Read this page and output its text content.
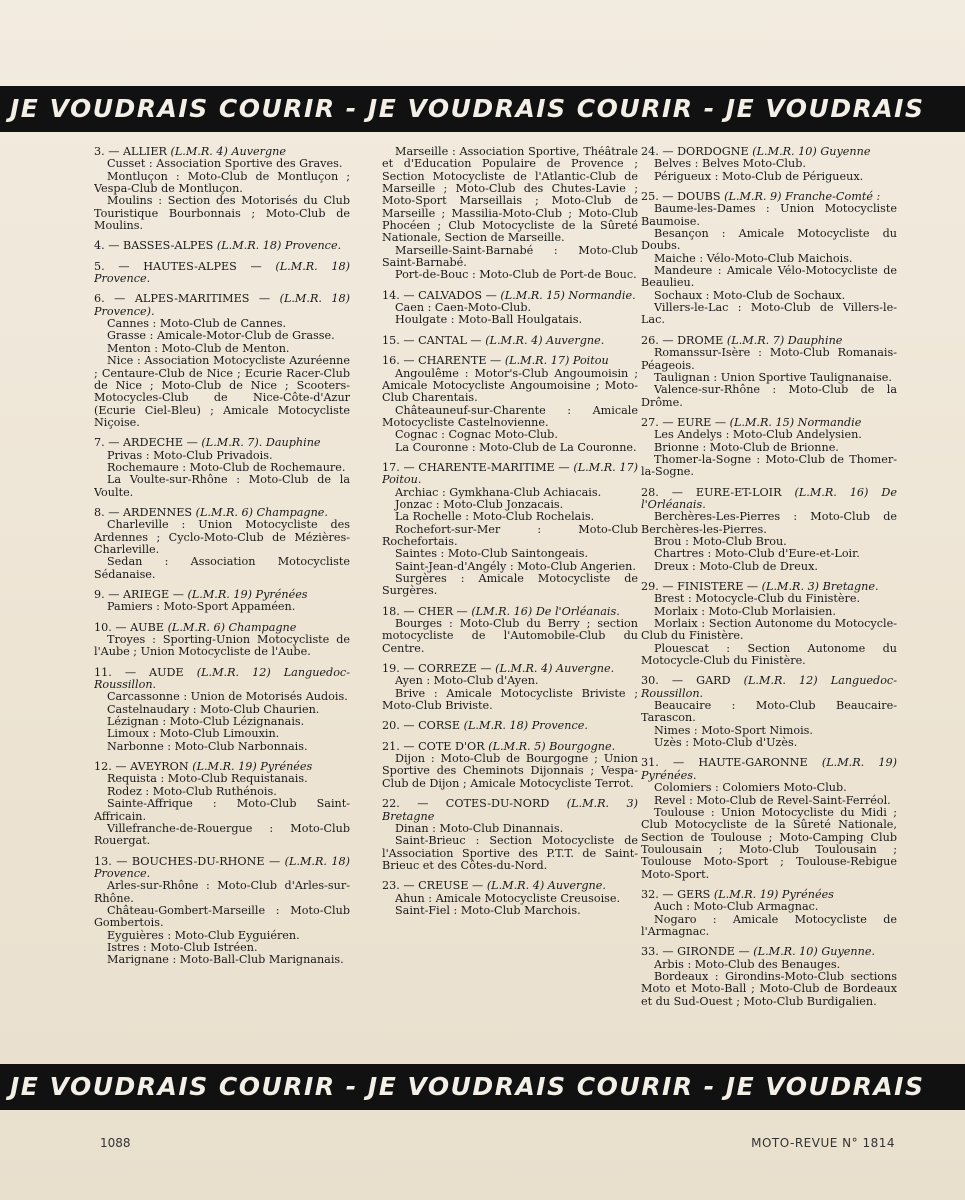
JE VOUDRAIS COURIR - JE VOUDRAIS COURIR - JE VOUDRAIS
3. — ALLIER (L.M.R. 4) Auvergne
Cusset : Association Sportive des Graves.
Montluçon : Moto-Club de Montluçon ; Vespa-Club de Montluçon.
Moulins : Section des Motorisés du Club Touristique Bourbonnais ; Moto-Club de Moulins.
4. — BASSES-ALPES (L.M.R. 18) Provence.
5. — HAUTES-ALPES — (L.M.R. 18) Provence.
6. — ALPES-MARITIMES — (L.M.R. 18) Provence).
Cannes : Moto-Club de Cannes.
Grasse : Amicale-Motor-Club de Grasse.
Menton : Moto-Club de Menton.
Nice : Association Motocycliste Azuréenne ; Centaure-Club de Nice ; Ecurie Racer-Club de Nice ; Moto-Club de Nice ; Scooters-Motocycles-Club de Nice-Côte-d'Azur (Ecurie Ciel-Bleu) ; Amicale Motocycliste Niçoise.
7. — ARDECHE — (L.M.R. 7). Dauphine
Privas : Moto-Club Privadois.
Rochemaure : Moto-Club de Rochemaure.
La Voulte-sur-Rhône : Moto-Club de la Voulte.
8. — ARDENNES (L.M.R. 6) Champagne.
Charleville : Union Motocycliste des Ardennes ; Cyclo-Moto-Club de Mézières-Charleville.
Sedan : Association Motocycliste Sédanaise.
9. — ARIEGE — (L.M.R. 19) Pyrénées
Pamiers : Moto-Sport Appaméen.
10. — AUBE (L.M.R. 6) Champagne
Troyes : Sporting-Union Motocycliste de l'Aube ; Union Motocycliste de l'Aube.
11. — AUDE (L.M.R. 12) Languedoc-Roussillon.
Carcassonne : Union de Motorisés Audois.
Castelnaudary : Moto-Club Chaurien.
Lézignan : Moto-Club Lézignanais.
Limoux : Moto-Club Limouxin.
Narbonne : Moto-Club Narbonnais.
12. — AVEYRON (L.M.R. 19) Pyrénées
Requista : Moto-Club Requistanais.
Rodez : Moto-Club Ruthénois.
Sainte-Affrique : Moto-Club Saint-Affricain.
Villefranche-de-Rouergue : Moto-Club Rouergat.
13. — BOUCHES-DU-RHONE — (L.M.R. 18) Provence.
Arles-sur-Rhône : Moto-Club d'Arles-sur-Rhône.
Château-Gombert-Marseille : Moto-Club Gombertois.
Eyguières : Moto-Club Eyguiéren.
Istres : Moto-Club Istréen.
Marignane : Moto-Ball-Club Marignanais.
Marseille : Association Sportive, Théâtrale et d'Education Populaire de Provence ; Section Motocycliste de l'Atlantic-Club de Marseille ; Moto-Club des Chutes-Lavie ; Moto-Sport Marseillais ; Moto-Club de Marseille ; Massilia-Moto-Club ; Moto-Club Phocéen ; Club Motocycliste de la Sûreté Nationale, Section de Marseille.
Marseille-Saint-Barnabé : Moto-Club Saint-Barnabé.
Port-de-Bouc : Moto-Club de Port-de Bouc.
14. — CALVADOS — (L.M.R. 15) Normandie.
Caen : Caen-Moto-Club.
Houlgate : Moto-Ball Houlgatais.
15. — CANTAL — (L.M.R. 4) Auvergne.
16. — CHARENTE — (L.M.R. 17) Poitou
Angoulême : Motor's-Club Angoumoisin ; Amicale Motocycliste Angoumoisine ; Moto-Club Charentais.
Châteauneuf-sur-Charente : Amicale Motocycliste Castelnovienne.
Cognac : Cognac Moto-Club.
La Couronne : Moto-Club de La Couronne.
17. — CHARENTE-MARITIME — (L.M.R. 17) Poitou.
Archiac : Gymkhana-Club Achiacais.
Jonzac : Moto-Club Jonzacais.
La Rochelle : Moto-Club Rochelais.
Rochefort-sur-Mer : Moto-Club Rochefortais.
Saintes : Moto-Club Saintongeais.
Saint-Jean-d'Angély : Moto-Club Angerien.
Surgères : Amicale Motocycliste de Surgères.
18. — CHER — (LM.R. 16) De l'Orléanais.
Bourges : Moto-Club du Berry ; section motocycliste de l'Automobile-Club du Centre.
19. — CORREZE — (L.M.R. 4) Auvergne.
Ayen : Moto-Club d'Ayen.
Brive : Amicale Motocycliste Briviste ; Moto-Club Briviste.
20. — CORSE (L.M.R. 18) Provence.
21. — COTE D'OR (L.M.R. 5) Bourgogne.
Dijon : Moto-Club de Bourgogne ; Union Sportive des Cheminots Dijonnais ; Vespa-Club de Dijon ; Amicale Motocycliste Terrot.
22. — COTES-DU-NORD (L.M.R. 3) Bretagne
Dinan : Moto-Club Dinannais.
Saint-Brieuc : Section Motocycliste de l'Association Sportive des P.T.T. de Saint-Brieuc et des Côtes-du-Nord.
23. — CREUSE — (L.M.R. 4) Auvergne.
Ahun : Amicale Motocycliste Creusoise.
Saint-Fiel : Moto-Club Marchois.
24. — DORDOGNE (L.M.R. 10) Guyenne
Belves : Belves Moto-Club.
Périgueux : Moto-Club de Périgueux.
25. — DOUBS (L.M.R. 9) Franche-Comté :
Baume-les-Dames : Union Motocycliste Baumoise.
Besançon : Amicale Motocycliste du Doubs.
Maiche : Vélo-Moto-Club Maichois.
Mandeure : Amicale Vélo-Motocycliste de Beaulieu.
Sochaux : Moto-Club de Sochaux.
Villers-le-Lac : Moto-Club de Villers-le-Lac.
26. — DROME (L.M.R. 7) Dauphine
Romanssur-Isère : Moto-Club Romanais-Péageois.
Taulignan : Union Sportive Taulignanaise.
Valence-sur-Rhône : Moto-Club de la Drôme.
27. — EURE — (L.M.R. 15) Normandie
Les Andelys : Moto-Club Andelysien.
Brionne : Moto-Club de Brionne.
Thomer-la-Sogne : Moto-Club de Thomer-la-Sogne.
28. — EURE-ET-LOIR (L.M.R. 16) De l'Orléanais.
Berchères-Les-Pierres : Moto-Club de Berchères-les-Pierres.
Brou : Moto-Club Brou.
Chartres : Moto-Club d'Eure-et-Loir.
Dreux : Moto-Club de Dreux.
29. — FINISTERE — (L.M.R. 3) Bretagne.
Brest : Motocycle-Club du Finistère.
Morlaix : Moto-Club Morlaisien.
Morlaix : Section Autonome du Motocycle-Club du Finistère.
Plouescat : Section Autonome du Motocycle-Club du Finistère.
30. — GARD (L.M.R. 12) Languedoc-Roussillon.
Beaucaire : Moto-Club Beaucaire-Tarascon.
Nimes : Moto-Sport Nimois.
Uzès : Moto-Club d'Uzès.
31. — HAUTE-GARONNE (L.M.R. 19) Pyrénées.
Colomiers : Colomiers Moto-Club.
Revel : Moto-Club de Revel-Saint-Ferréol.
Toulouse : Union Motocycliste du Midi ; Club Motocycliste de la Sûreté Nationale, Section de Toulouse ; Moto-Camping Club Toulousain ; Moto-Club Toulousain ; Toulouse Moto-Sport ; Toulouse-Rebigue Moto-Sport.
32. — GERS (L.M.R. 19) Pyrénées
Auch : Moto-Club Armagnac.
Nogaro : Amicale Motocycliste de l'Armagnac.
33. — GIRONDE — (L.M.R. 10) Guyenne.
Arbis : Moto-Club des Benauges.
Bordeaux : Girondins-Moto-Club sections Moto et Moto-Ball ; Moto-Club de Bordeaux et du Sud-Ouest ; Moto-Club Burdigalien.
JE VOUDRAIS COURIR - JE VOUDRAIS COURIR - JE VOUDRAIS
1088	MOTO-REVUE N° 1814
